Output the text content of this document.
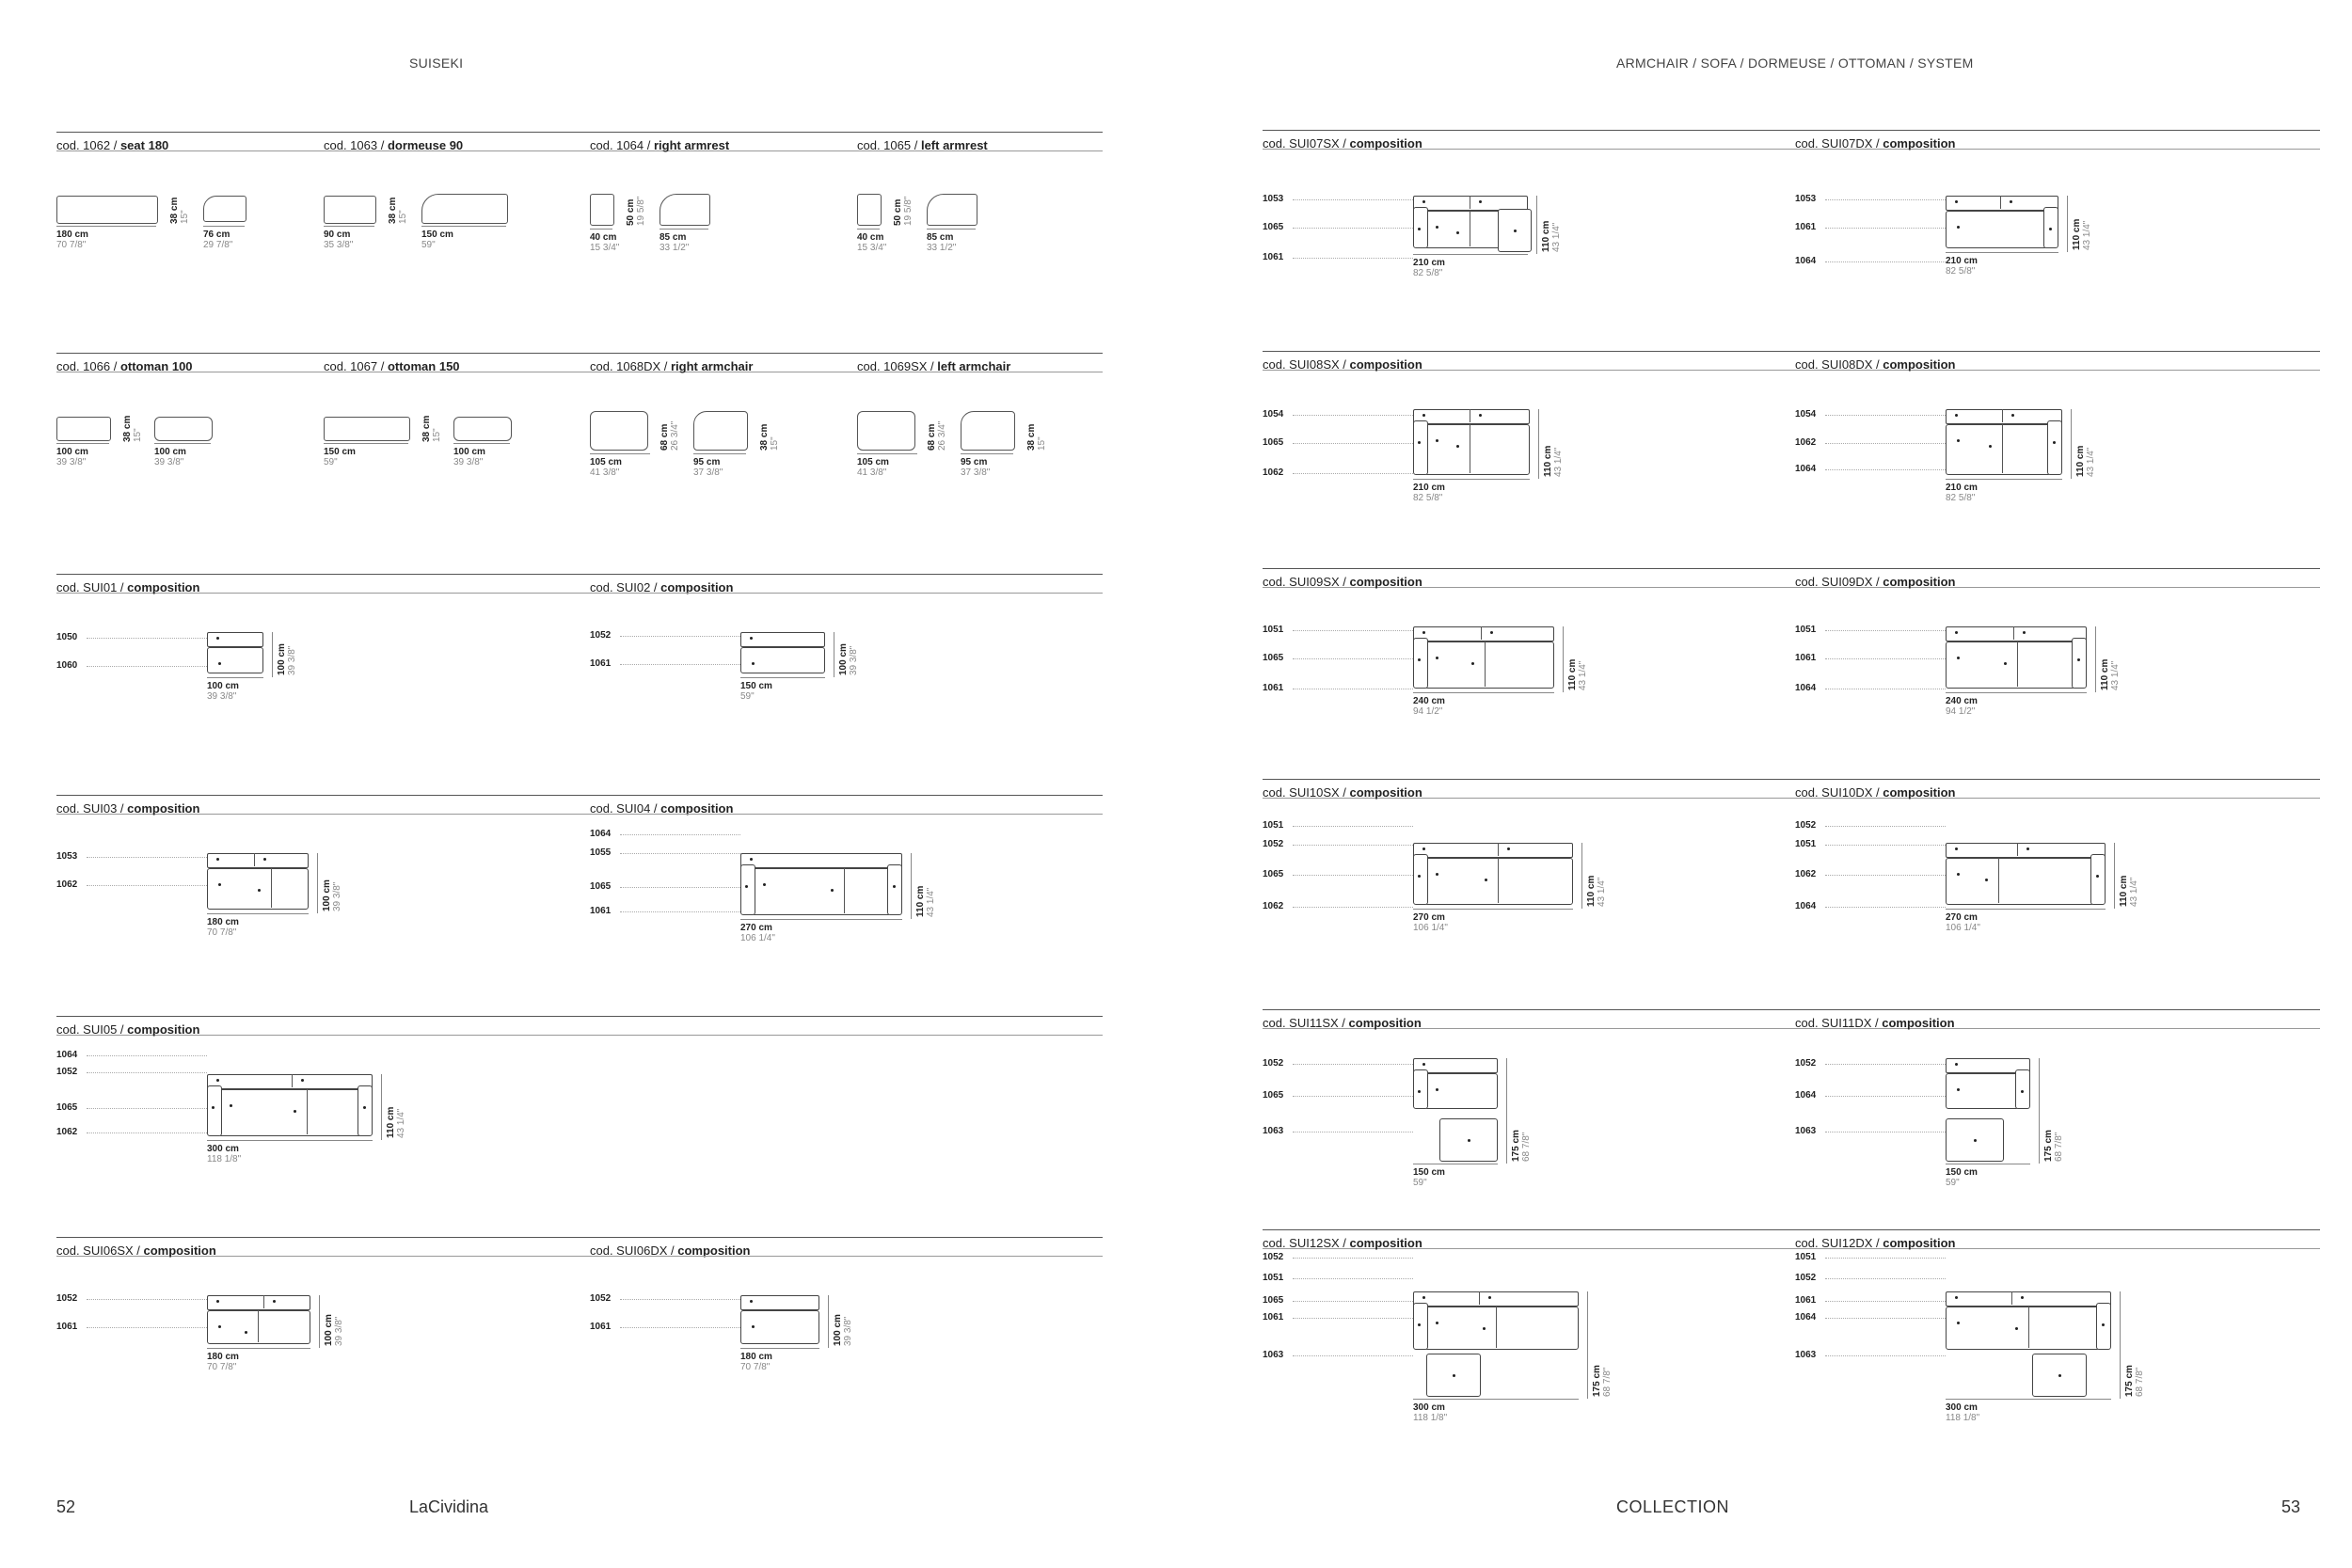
SUISEKI	ARMCHAIR / SOFA / DORMEUSE / OTTOMAN / SYSTEM
52	LaCividina	COLLECTION	53
cod. 1062 / seat 180
180 cm
70 7/8"
38 cm
15"
76 cm
29 7/8"
cod. 1063 / dormeuse 90
90 cm
35 3/8"
38 cm
15"
150 cm
59"
cod. 1064 / right armrest
40 cm
15 3/4"
50 cm
19 5/8"
85 cm
33 1/2"
cod. 1065 / left armrest
40 cm
15 3/4"
50 cm
19 5/8"
85 cm
33 1/2"
cod. 1066 / ottoman 100
100 cm
39 3/8"
38 cm
15"
100 cm
39 3/8"
cod. 1067 / ottoman 150
150 cm
59"
38 cm
15"
100 cm
39 3/8"
cod. 1068DX / right armchair
105 cm
41 3/8"
68 cm
26 3/4"
95 cm
37 3/8"
38 cm
15"
cod. 1069SX / left armchair
105 cm
41 3/8"
68 cm
26 3/4"
95 cm
37 3/8"
38 cm
15"
cod. SUI01 / composition
1050
1060
100 cm
39 3/8"
100 cm
39 3/8"
cod. SUI02 / composition
1052
1061
150 cm
59"
100 cm
39 3/8"
cod. SUI03 / composition
1053
1062
180 cm
70 7/8"
100 cm
39 3/8"
cod. SUI04 / composition
1064
1055
1065
1061
270 cm
106 1/4"
110 cm
43 1/4"
cod. SUI05 / composition
1064
1052
1065
1062
300 cm
118 1/8"
110 cm
43 1/4"
cod. SUI06SX / composition
1052
1061
180 cm
70 7/8"
100 cm
39 3/8"
cod. SUI06DX / composition
1052
1061
180 cm
70 7/8"
100 cm
39 3/8"
cod. SUI07SX / composition
1053
1065
1061
210 cm
82 5/8"
110 cm
43 1/4"
cod. SUI07DX / composition
1053
1061
1064	210 cm
82 5/8"
110 cm
43 1/4"
cod. SUI08SX / composition
1054
1065
1062
210 cm
82 5/8"
110 cm
43 1/4"
cod. SUI08DX / composition
1054
1062
1064
210 cm
82 5/8"
110 cm
43 1/4"
cod. SUI09SX / composition
1051
1065
1061
240 cm
94 1/2"
110 cm
43 1/4"
cod. SUI09DX / composition
1051
1061
1064
240 cm
94 1/2"
110 cm
43 1/4"
cod. SUI10SX / composition
1051
1052
1065
1062
270 cm
106 1/4"
110 cm
43 1/4"
cod. SUI10DX / composition
1052
1051
1062
1064
270 cm
106 1/4"
110 cm
43 1/4"
cod. SUI11SX / composition
1052
1065
1063
150 cm
59"
175 cm
68 7/8"
cod. SUI11DX / composition
1052
1064
1063
150 cm
59"
175 cm
68 7/8"
cod. SUI12SX / composition
1052
1051
1065
1061
1063
300 cm
118 1/8"
175 cm
68 7/8"
cod. SUI12DX / composition
1051
1052
1061
1064
1063
300 cm
118 1/8"
175 cm
68 7/8"
